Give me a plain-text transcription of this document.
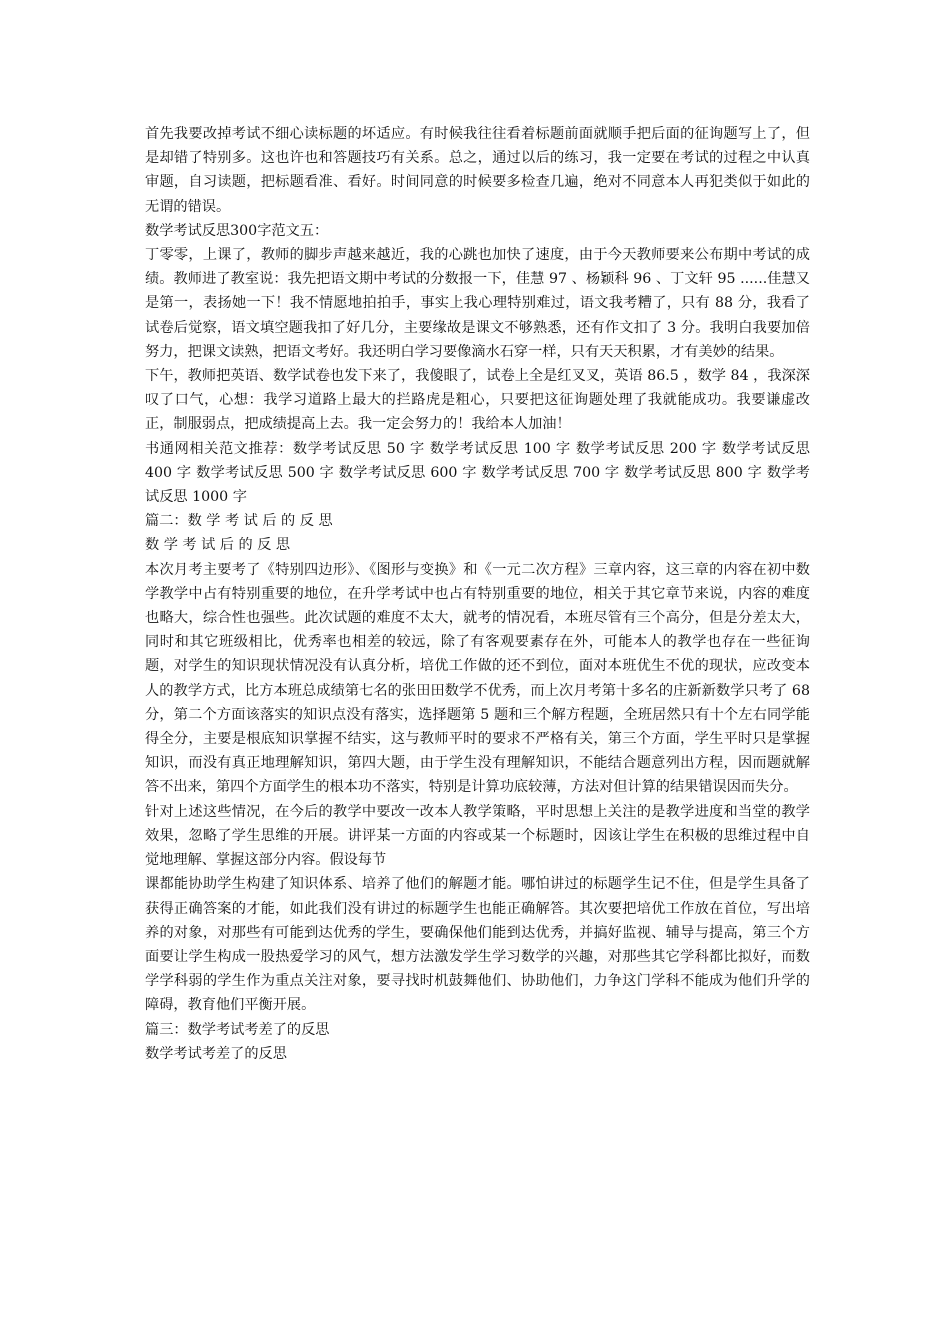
首先我要改掉考试不细心读标题的坏适应。有时候我往往看着标题前面就顺手把后面的征询题写上了，但是却错了特别多。这也许也和答题技巧有关系。总之，通过以后的练习，我一定要在考试的过程之中认真审题，自习读题，把标题看准、看好。时间同意的时候要多检查几遍，绝对不同意本人再犯类似于如此的无谓的错误。

数学考试反思300字范文五：

丁零零，上课了，教师的脚步声越来越近，我的心跳也加快了速度，由于今天教师要来公布期中考试的成绩。教师进了教室说：我先把语文期中考试的分数报一下，佳慧 97 、杨颖科 96 、丁文轩 95 ......佳慧又是第一，表扬她一下！我不情愿地拍拍手，事实上我心理特别难过，语文我考糟了，只有 88 分，我看了试卷后觉察，语文填空题我扣了好几分，主要缘故是课文不够熟悉，还有作文扣了 3 分。我明白我要加倍努力，把课文读熟，把语文考好。我还明白学习要像滴水石穿一样，只有天天积累，才有美妙的结果。

下午，教师把英语、数学试卷也发下来了，我傻眼了，试卷上全是红叉叉，英语 86.5 ，数学 84 ，我深深叹了口气，心想：我学习道路上最大的拦路虎是粗心，只要把这征询题处理了我就能成功。我要谦虚改正，制服弱点，把成绩提高上去。我一定会努力的！我给本人加油！

书通网相关范文推荐：数学考试反思 50 字 数学考试反思 100 字 数学考试反思 200 字 数学考试反思 400 字 数学考试反思 500 字 数学考试反思 600 字 数学考试反思 700 字 数学考试反思 800 字 数学考试反思 1000 字

篇二：数 学 考 试 后 的 反 思

数 学 考 试 后 的 反 思

本次月考主要考了《特别四边形》、《图形与变换》和《一元二次方程》三章内容，这三章的内容在初中数学教学中占有特别重要的地位，在升学考试中也占有特别重要的地位，相关于其它章节来说，内容的难度也略大，综合性也强些。此次试题的难度不太大，就考的情况看，本班尽管有三个高分，但是分差太大，同时和其它班级相比，优秀率也相差的较远，除了有客观要素存在外，可能本人的教学也存在一些征询题，对学生的知识现状情况没有认真分析，培优工作做的还不到位，面对本班优生不优的现状，应改变本人的教学方式，比方本班总成绩第七名的张田田数学不优秀，而上次月考第十多名的庄新新数学只考了 68 分，第二个方面该落实的知识点没有落实，选择题第 5 题和三个解方程题，全班居然只有十个左右同学能得全分，主要是根底知识掌握不结实，这与教师平时的要求不严格有关，第三个方面，学生平时只是掌握知识，而没有真正地理解知识，第四大题，由于学生没有理解知识，不能结合题意列出方程，因而题就解答不出来，第四个方面学生的根本功不落实，特别是计算功底较薄，方法对但计算的结果错误因而失分。

针对上述这些情况，在今后的教学中要改一改本人教学策略，平时思想上关注的是教学进度和当堂的教学效果，忽略了学生思维的开展。讲评某一方面的内容或某一个标题时，因该让学生在积极的思维过程中自觉地理解、掌握这部分内容。假设每节

课都能协助学生构建了知识体系、培养了他们的解题才能。哪怕讲过的标题学生记不住，但是学生具备了获得正确答案的才能，如此我们没有讲过的标题学生也能正确解答。其次要把培优工作放在首位，写出培养的对象，对那些有可能到达优秀的学生，要确保他们能到达优秀，并搞好监视、辅导与提高，第三个方面要让学生构成一股热爱学习的风气，想方法激发学生学习数学的兴趣，对那些其它学科都比拟好，而数学学科弱的学生作为重点关注对象，要寻找时机鼓舞他们、协助他们，力争这门学科不能成为他们升学的障碍，教育他们平衡开展。

篇三：数学考试考差了的反思

数学考试考差了的反思
